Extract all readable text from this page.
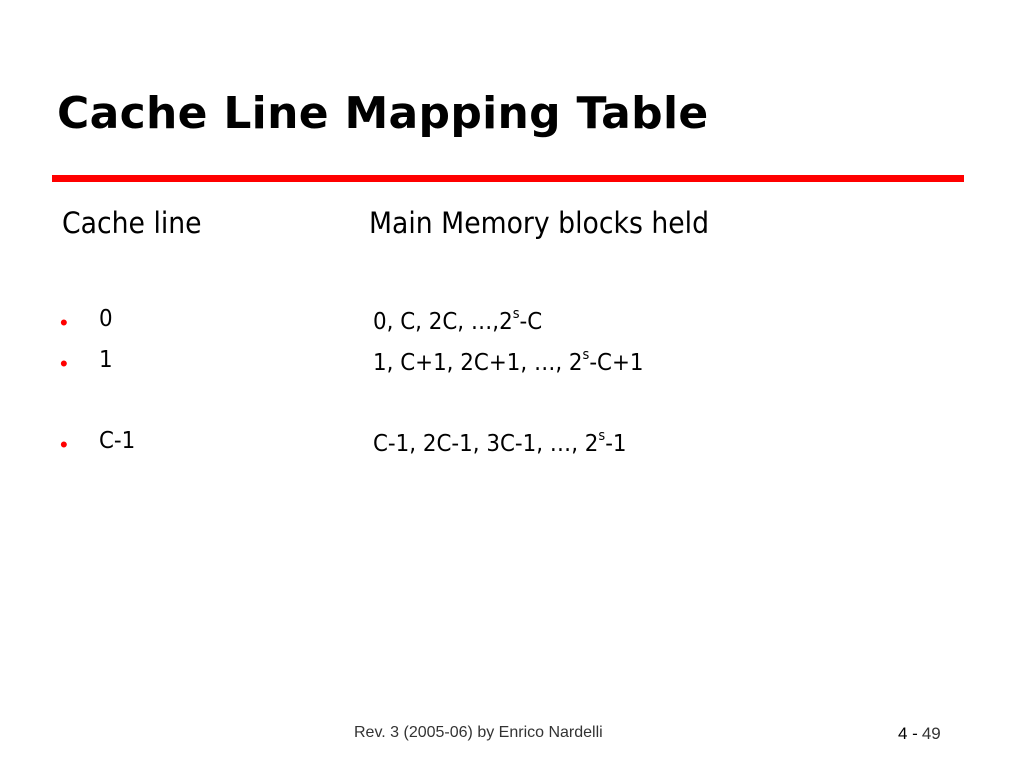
Cache Line Mapping Table
Cache line	Main Memory blocks held
• 0	0, C, 2C, …,2$^s$-C
• 1	1, C+1, 2C+1, …, $2^s-C+1$
• C-1	C-1, 2C-1, 3C-1, …, 2$^s$-1
Rev. 3 (2005-06) by Enrico Nardelli	4 - 49
